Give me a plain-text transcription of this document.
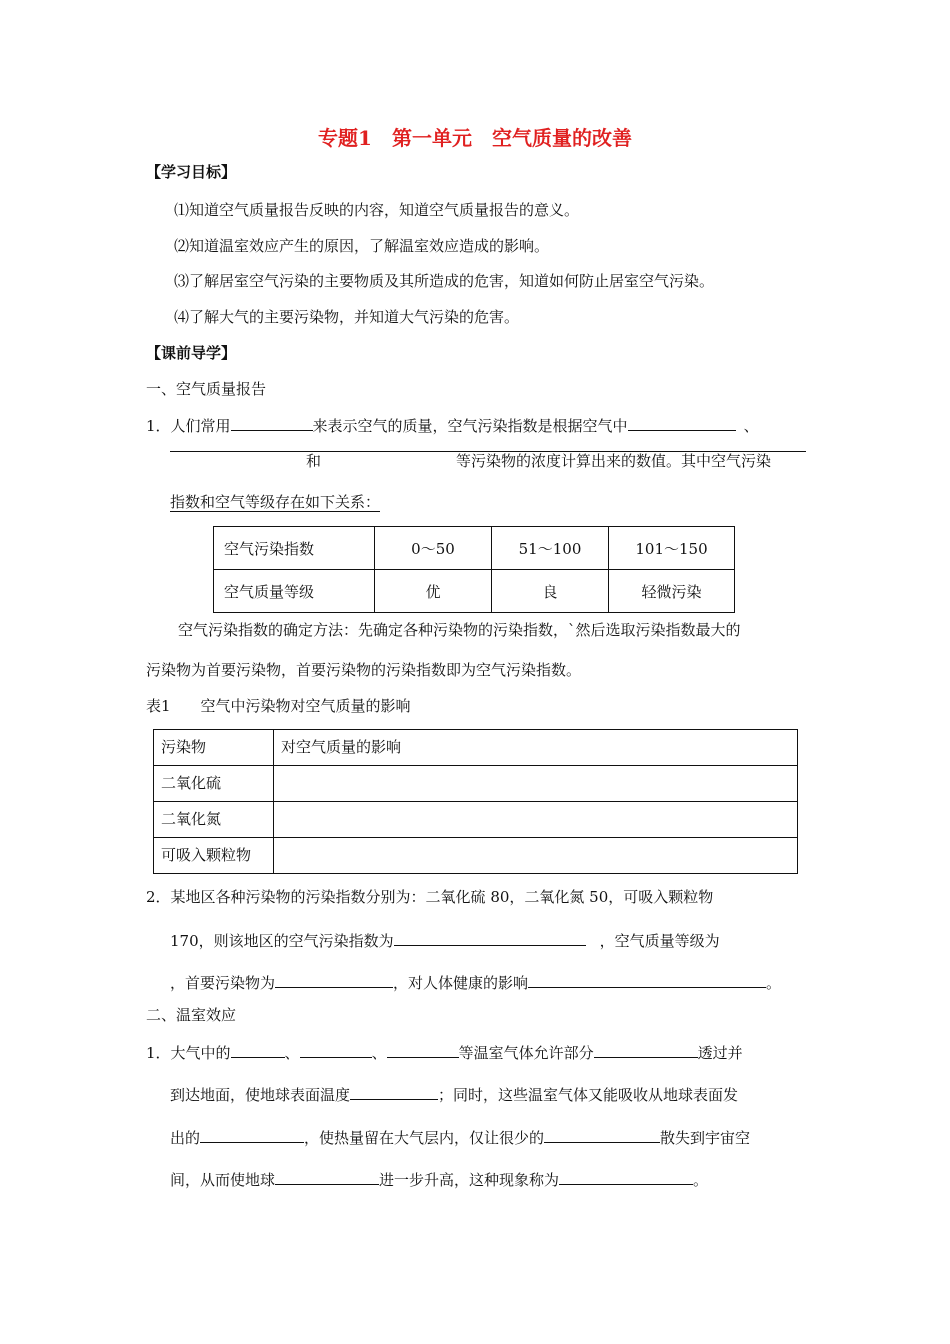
专题1　第一单元　空气质量的改善
【学习目标】
⑴知道空气质量报告反映的内容，知道空气质量报告的意义。
⑵知道温室效应产生的原因，了解温室效应造成的影响。
⑶了解居室空气污染的主要物质及其所造成的危害，知道如何防止居室空气污染。
⑷了解大气的主要污染物，并知道大气污染的危害。
【课前导学】
一、空气质量报告
1．人们常用	来表示空气的质量，空气污染指数是根据空气中	、
和	等污染物的浓度计算出来的数值。其中空气污染
指数和空气等级存在如下关系：
空气污染指数	0～50	51～100	101～150
空气质量等级	优	良	轻微污染
空气污染指数的确定方法：先确定各种污染物的污染指数，`然后选取污染指数最大的
污染物为首要污染物，首要污染物的污染指数即为空气污染指数。
表1　　空气中污染物对空气质量的影响
污染物	对空气质量的影响
二氧化硫	
二氧化氮	
可吸入颗粒物	
2．某地区各种污染物的污染指数分别为：二氧化硫 80，二氧化氮 50，可吸入颗粒物
170，则该地区的空气污染指数为	，空气质量等级为
，首要污染物为	，对人体健康的影响	。
二、温室效应
1．大气中的	、	、	等温室气体允许部分	透过并
到达地面，使地球表面温度	；同时，这些温室气体又能吸收从地球表面发
出的	，使热量留在大气层内，仅让很少的	散失到宇宙空
间，从而使地球	进一步升高，这种现象称为	。
